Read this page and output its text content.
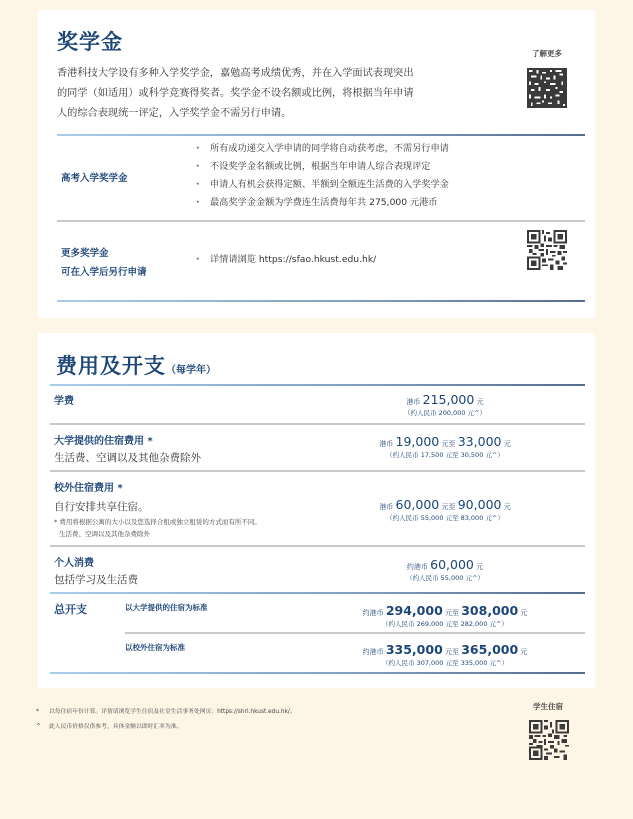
奖学金

香港科技大学设有多种入学奖学金，嘉勉高考成绩优秀，并在入学面试表现突出的同学（如适用）或科学竞赛得奖者。奖学金不设名额或比例，将根据当年申请人的综合表现统一评定，入学奖学金不需另行申请。

了解更多
高考入学奖学金
· 所有成功递交入学申请的同学将自动获考虑，不需另行申请
· 不设奖学金名额或比例，根据当年申请人综合表现评定
· 申请人有机会获得定额、半额到全额连生活费的入学奖学金
· 最高奖学金金额为学费连生活费每年共 275,000 元港币
更多奖学金
可在入学后另行申请
· 详情请浏览 https://sfao.hkust.edu.hk/
费用及开支（每学年）
学费	港币 215,000 元
（约人民币 200,000 元^）
大学提供的住宿费用 *
生活费、空调以及其他杂费除外
港币 19,000 元至 33,000 元
（约人民币 17,500 元至 30,500 元^）
校外住宿费用 *
自行安排共享住宿。
* 费用将根据公寓的大小以及您选择合租或独立租赁的方式而有所不同。
生活费、空调以及其他杂费除外
港币 60,000 元至 90,000 元
（约人民币 55,000 元至 83,000 元^）
个人消费
包括学习及生活费
约港币 60,000 元
（约人民币 55,000 元^）
总开支	以大学提供的住宿为标准
约港币 294,000 元至 308,000 元
（约人民币 269,000 元至 282,000 元^）
以校外住宿为标准	约港币 335,000 元至 365,000 元
（约人民币 307,000 元至 335,000 元^）
* 以每住宿年份计算。详情请浏览学生住宿及社堂生活事务处网页：https://shrl.hkust.edu.hk/。
^ 此人民币价格仅供参考，具体金额以即时汇率为准。
学生住宿
